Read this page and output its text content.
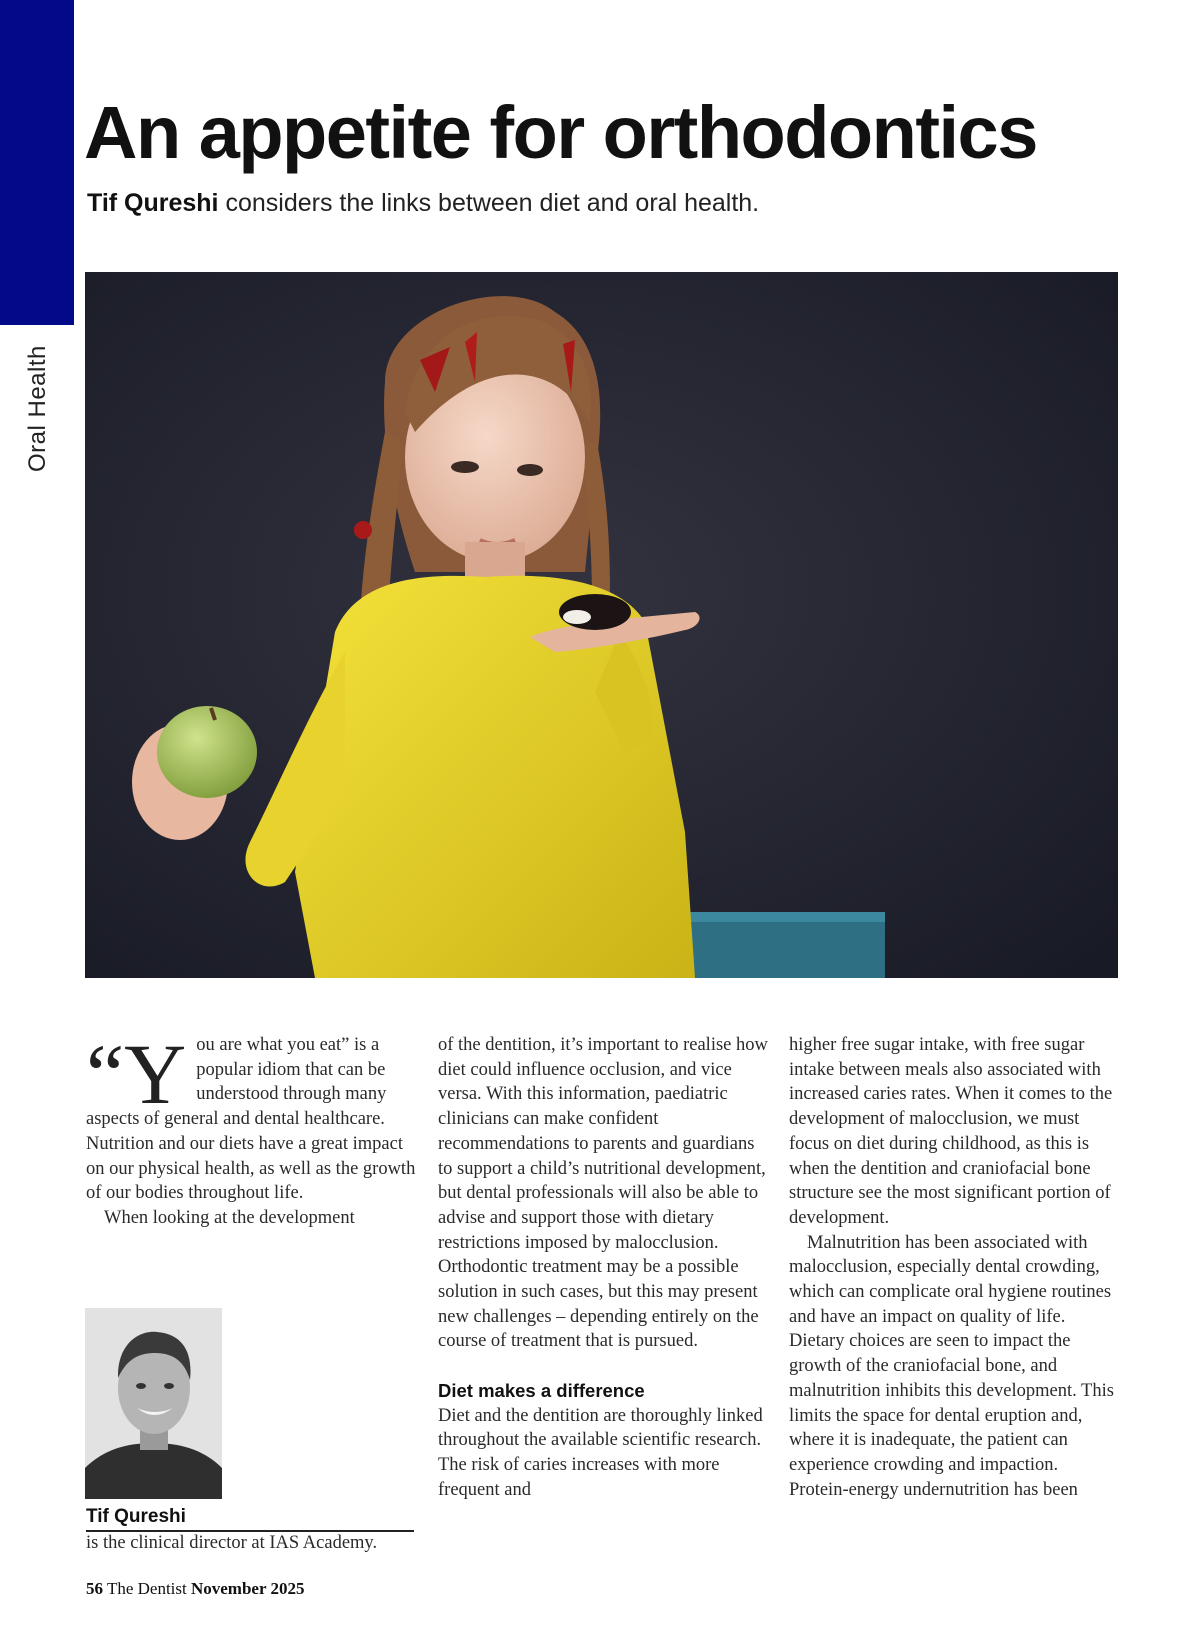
Oral Health
An appetite for orthodontics

Tif Qureshi considers the links between diet and oral health.

“Y ou are what you eat” is a popular idiom that can be understood through many aspects of general and dental healthcare. Nutrition and our diets have a great impact on our physical health, as well as the growth of our bodies throughout life.

When looking at the development

of the dentition, it’s important to realise how diet could influence occlusion, and vice versa. With this information, paediatric clinicians can make confident recommendations to parents and guardians to support a child’s nutritional development, but dental professionals will also be able to advise and support those with dietary restrictions imposed by malocclusion. Orthodontic treatment may be a possible solution in such cases, but this may present new challenges – depending entirely on the course of treatment that is pursued.

Diet makes a difference

Diet and the dentition are thoroughly linked throughout the available scientific research. The risk of caries increases with more frequent and

higher free sugar intake, with free sugar intake between meals also associated with increased caries rates. When it comes to the development of malocclusion, we must focus on diet during childhood, as this is when the dentition and craniofacial bone structure see the most significant portion of development.

Malnutrition has been associated with malocclusion, especially dental crowding, which can complicate oral hygiene routines and have an impact on quality of life. Dietary choices are seen to impact the growth of the craniofacial bone, and malnutrition inhibits this development. This limits the space for dental eruption and, where it is inadequate, the patient can experience crowding and impaction. Protein-energy undernutrition has been

Tif Qureshi
is the clinical director at IAS Academy.
56 The Dentist November 2025
